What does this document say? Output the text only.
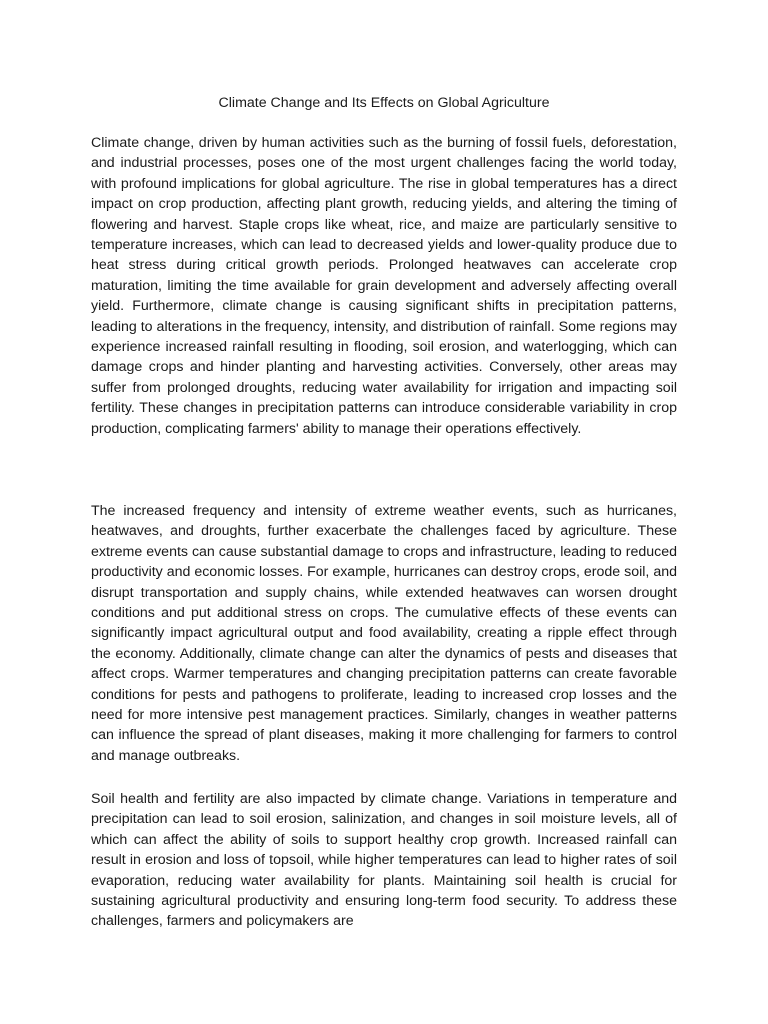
Climate Change and Its Effects on Global Agriculture

Climate change, driven by human activities such as the burning of fossil fuels, deforestation, and industrial processes, poses one of the most urgent challenges facing the world today, with profound implications for global agriculture. The rise in global temperatures has a direct impact on crop production, affecting plant growth, reducing yields, and altering the timing of flowering and harvest. Staple crops like wheat, rice, and maize are particularly sensitive to temperature increases, which can lead to decreased yields and lower-quality produce due to heat stress during critical growth periods. Prolonged heatwaves can accelerate crop maturation, limiting the time available for grain development and adversely affecting overall yield. Furthermore, climate change is causing significant shifts in precipitation patterns, leading to alterations in the frequency, intensity, and distribution of rainfall. Some regions may experience increased rainfall resulting in flooding, soil erosion, and waterlogging, which can damage crops and hinder planting and harvesting activities. Conversely, other areas may suffer from prolonged droughts, reducing water availability for irrigation and impacting soil fertility. These changes in precipitation patterns can introduce considerable variability in crop production, complicating farmers' ability to manage their operations effectively.

The increased frequency and intensity of extreme weather events, such as hurricanes, heatwaves, and droughts, further exacerbate the challenges faced by agriculture. These extreme events can cause substantial damage to crops and infrastructure, leading to reduced productivity and economic losses. For example, hurricanes can destroy crops, erode soil, and disrupt transportation and supply chains, while extended heatwaves can worsen drought conditions and put additional stress on crops. The cumulative effects of these events can significantly impact agricultural output and food availability, creating a ripple effect through the economy. Additionally, climate change can alter the dynamics of pests and diseases that affect crops. Warmer temperatures and changing precipitation patterns can create favorable conditions for pests and pathogens to proliferate, leading to increased crop losses and the need for more intensive pest management practices. Similarly, changes in weather patterns can influence the spread of plant diseases, making it more challenging for farmers to control and manage outbreaks.

Soil health and fertility are also impacted by climate change. Variations in temperature and precipitation can lead to soil erosion, salinization, and changes in soil moisture levels, all of which can affect the ability of soils to support healthy crop growth. Increased rainfall can result in erosion and loss of topsoil, while higher temperatures can lead to higher rates of soil evaporation, reducing water availability for plants. Maintaining soil health is crucial for sustaining agricultural productivity and ensuring long-term food security. To address these challenges, farmers and policymakers are
